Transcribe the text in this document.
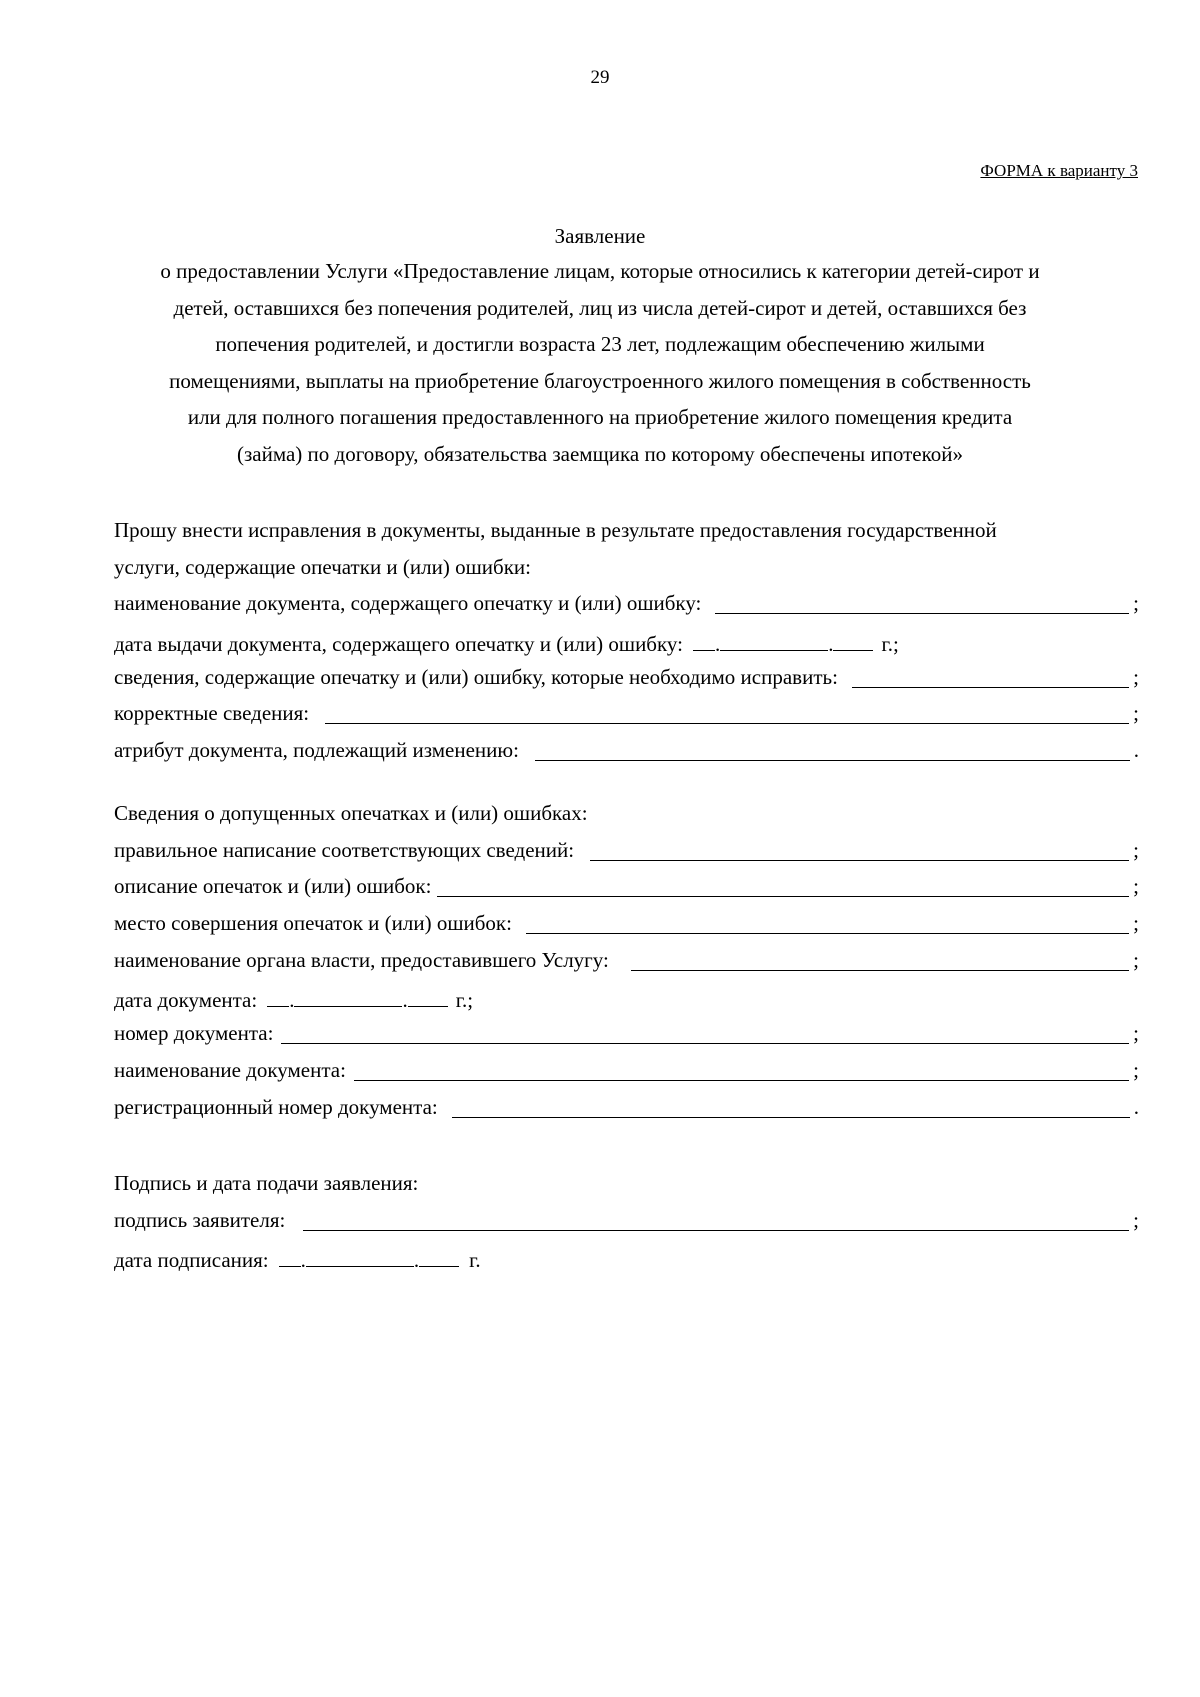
29
ФОРМА к варианту 3
Заявление

о предоставлении Услуги «Предоставление лицам, которые относились к категории детей-сирот и
детей, оставшихся без попечения родителей, лиц из числа детей-сирот и детей, оставшихся без
попечения родителей, и достигли возраста 23 лет, подлежащим обеспечению жилыми
помещениями, выплаты на приобретение благоустроенного жилого помещения в собственность
или для полного погашения предоставленного на приобретение жилого помещения кредита
(займа) по договору, обязательства заемщика по которому обеспечены ипотекой»

Прошу внести исправления в документы, выданные в результате предоставления государственной
услуги, содержащие опечатки и (или) ошибки:
наименование документа, содержащего опечатку и (или) ошибку:	;
дата выдачи документа, содержащего опечатку и (или) ошибку: .	. г.;
сведения, содержащие опечатку и (или) ошибку, которые необходимо исправить:	;
корректные сведения:	;
атрибут документа, подлежащий изменению:	.
Сведения о допущенных опечатках и (или) ошибках:
правильное написание соответствующих сведений:	;
описание опечаток и (или) ошибок:	;
место совершения опечаток и (или) ошибок:	;
наименование органа власти, предоставившего Услугу:	;
дата документа: .	. г.;
номер документа:	;
наименование документа:	;
регистрационный номер документа:	.
Подпись и дата подачи заявления:
подпись заявителя:	;
дата подписания: .	. г.
